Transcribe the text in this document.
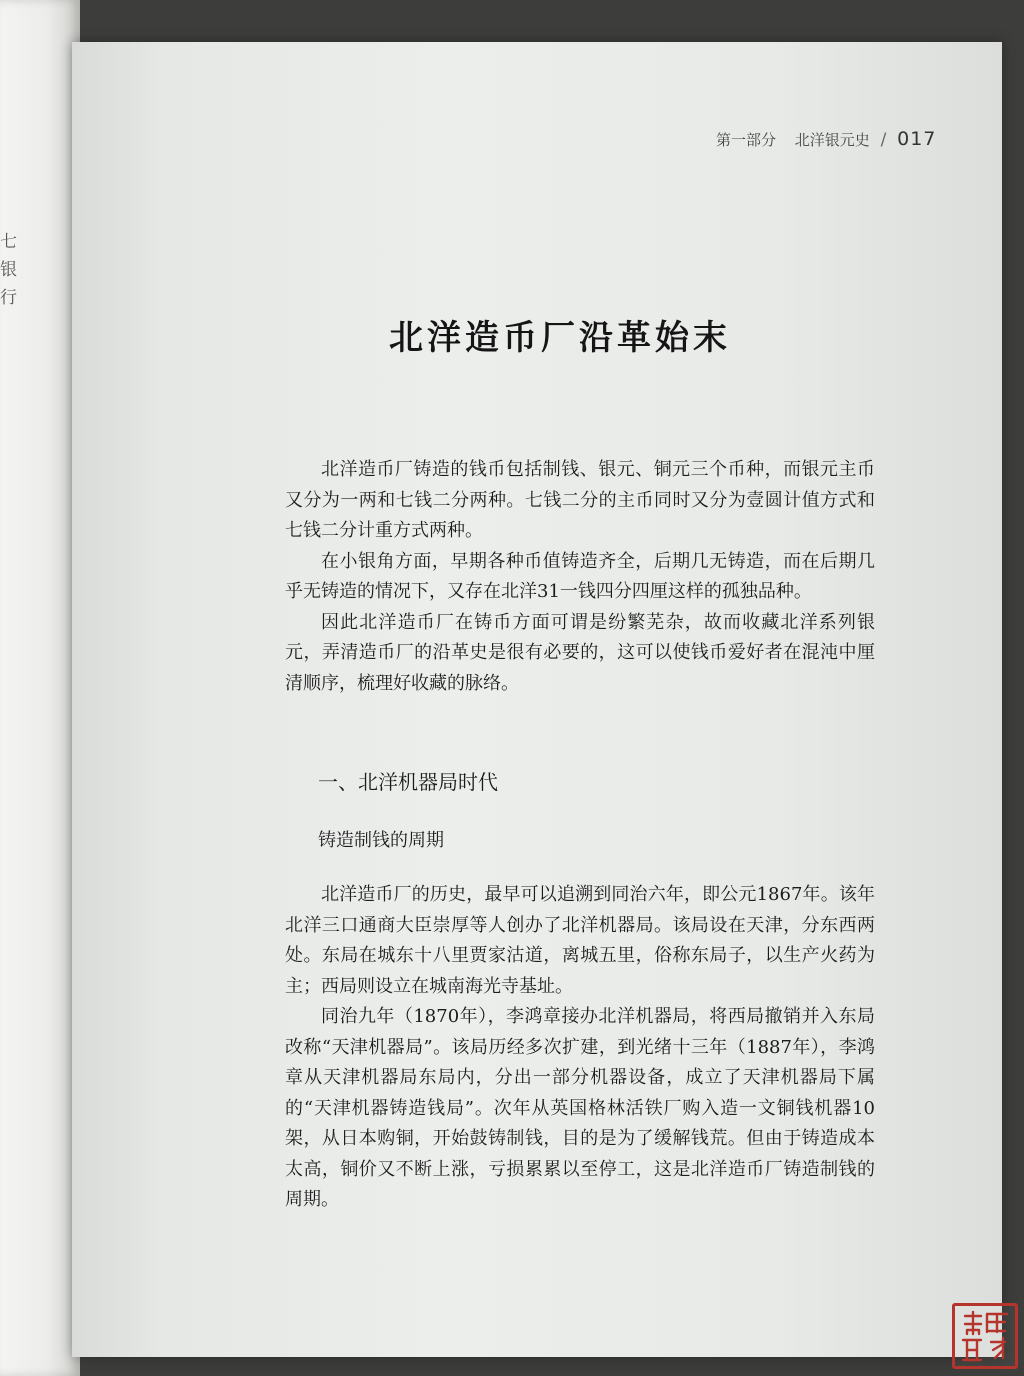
七
银
行
第一部分 北洋银元史 / 017
北洋造币厂沿革始末

北洋造币厂铸造的钱币包括制钱、银元、铜元三个币种，而银元主币又分为一两和七钱二分两种。七钱二分的主币同时又分为壹圆计值方式和七钱二分计重方式两种。

在小银角方面，早期各种币值铸造齐全，后期几无铸造，而在后期几乎无铸造的情况下，又存在北洋31一钱四分四厘这样的孤独品种。

因此北洋造币厂在铸币方面可谓是纷繁芜杂，故而收藏北洋系列银元，弄清造币厂的沿革史是很有必要的，这可以使钱币爱好者在混沌中厘清顺序，梳理好收藏的脉络。

一、北洋机器局时代
铸造制钱的周期

北洋造币厂的历史，最早可以追溯到同治六年，即公元1867年。该年北洋三口通商大臣崇厚等人创办了北洋机器局。该局设在天津，分东西两处。东局在城东十八里贾家沽道，离城五里，俗称东局子，以生产火药为主；西局则设立在城南海光寺基址。

同治九年（1870年），李鸿章接办北洋机器局，将西局撤销并入东局改称“天津机器局”。该局历经多次扩建，到光绪十三年（1887年），李鸿章从天津机器局东局内，分出一部分机器设备，成立了天津机器局下属的“天津机器铸造钱局”。次年从英国格林活铁厂购入造一文铜钱机器10架，从日本购铜，开始鼓铸制钱，目的是为了缓解钱荒。但由于铸造成本太高，铜价又不断上涨，亏损累累以至停工，这是北洋造币厂铸造制钱的周期。
